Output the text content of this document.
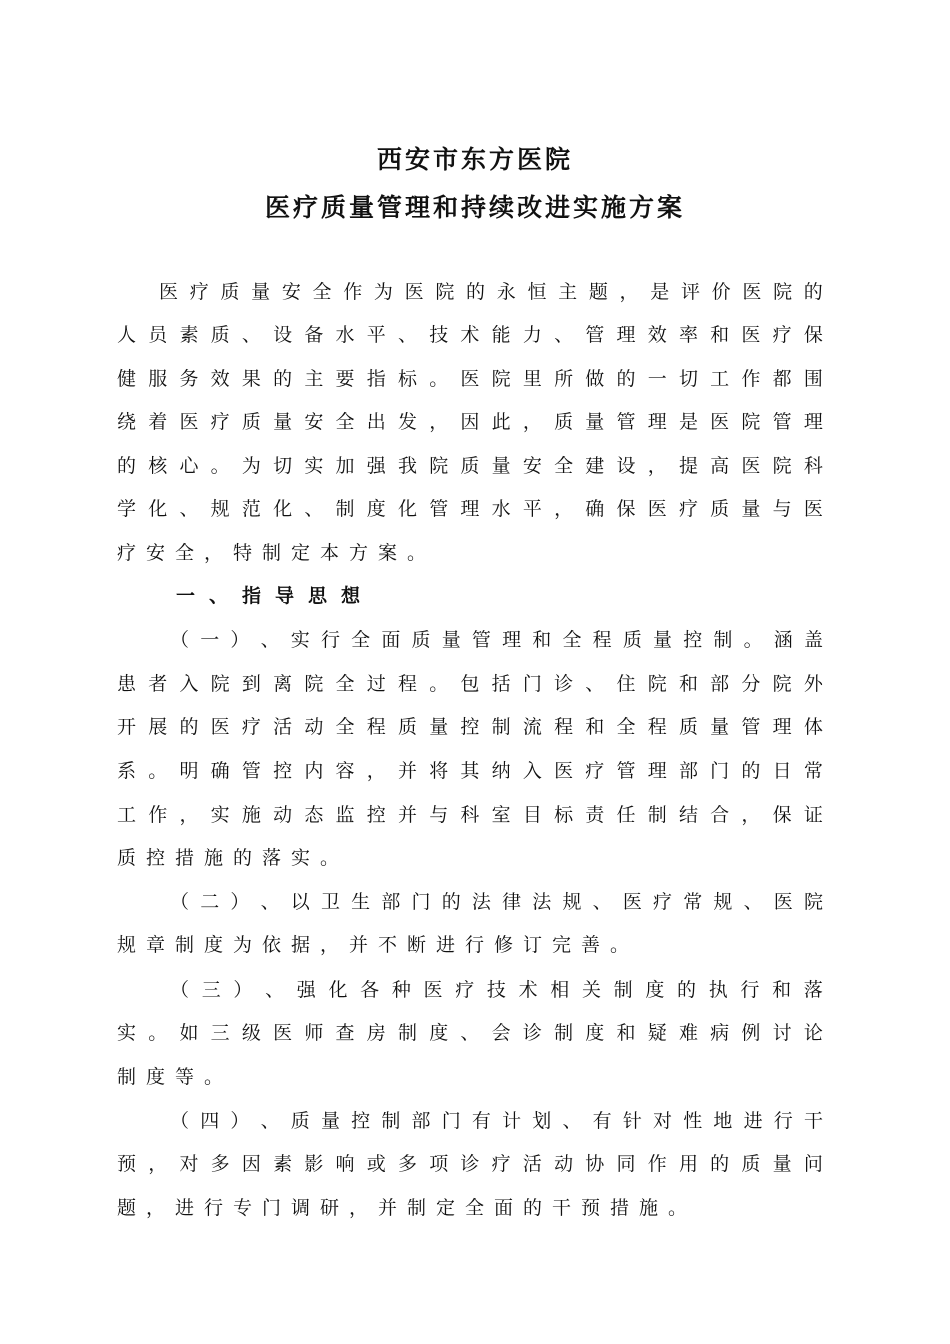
西安市东方医院
医疗质量管理和持续改进实施方案
医 疗 质 量 安 全 作 为 医 院 的 永 恒 主 题 ， 是 评 价 医 院 的
人 员 素 质 、 设 备 水 平 、 技 术 能 力 、 管 理 效 率 和 医 疗 保
健 服 务 效 果 的 主 要 指 标 。 医 院 里 所 做 的 一 切 工 作 都 围
绕 着 医 疗 质 量 安 全 出 发 ， 因 此 ， 质 量 管 理 是 医 院 管 理
的 核 心 。 为 切 实 加 强 我 院 质 量 安 全 建 设 ， 提 高 医 院 科
学 化 、 规 范 化 、 制 度 化 管 理 水 平 ， 确 保 医 疗 质 量 与 医
疗安全，特制定本方案。
一、指导思想
（ 一 ） 、 实 行 全 面 质 量 管 理 和 全 程 质 量 控 制 。 涵 盖
患 者 入 院 到 离 院 全 过 程 。 包 括 门 诊 、 住 院 和 部 分 院 外
开 展 的 医 疗 活 动 全 程 质 量 控 制 流 程 和 全 程 质 量 管 理 体
系 。 明 确 管 控 内 容 ， 并 将 其 纳 入 医 疗 管 理 部 门 的 日 常
工 作 ， 实 施 动 态 监 控 并 与 科 室 目 标 责 任 制 结 合 ， 保 证
质控措施的落实。
（ 二 ） 、 以 卫 生 部 门 的 法 律 法 规 、 医 疗 常 规 、 医 院
规章制度为依据，并不断进行修订完善。
（ 三 ） 、 强 化 各 种 医 疗 技 术 相 关 制 度 的 执 行 和 落
实 。 如 三 级 医 师 查 房 制 度 、 会 诊 制 度 和 疑 难 病 例 讨 论
制度等。
（ 四 ） 、 质 量 控 制 部 门 有 计 划 、 有 针 对 性 地 进 行 干
预 ， 对 多 因 素 影 响 或 多 项 诊 疗 活 动 协 同 作 用 的 质 量 问
题，进行专门调研，并制定全面的干预措施。
